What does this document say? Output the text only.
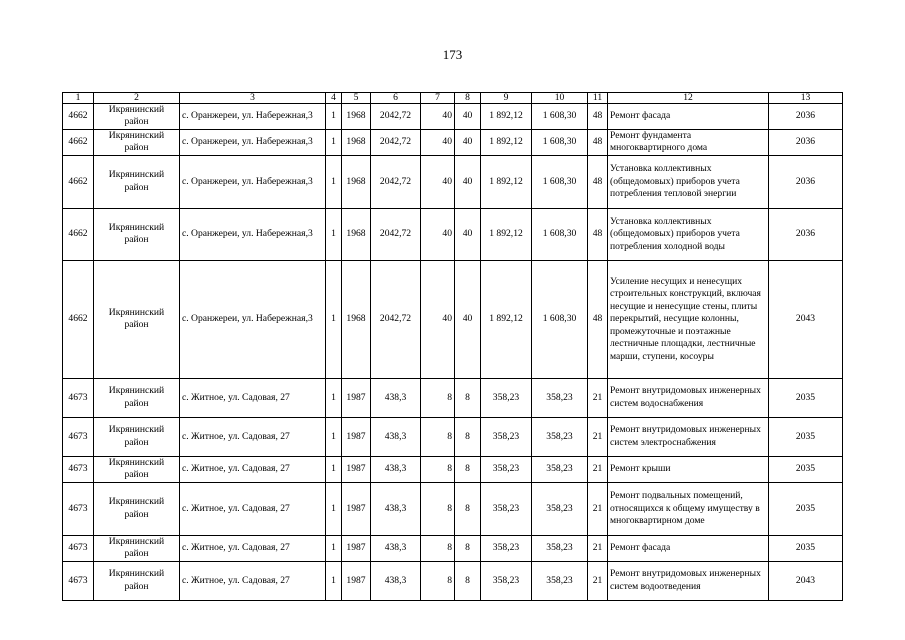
173
1	2	3	4	5	6	7	8	9	10	11	12	13
4662	Икрянинский район	с. Оранжереи, ул. Набережная,3	1	1968	2042,72	40	40	1 892,12	1 608,30	48	Ремонт фасада	2036
4662	Икрянинский район	с. Оранжереи, ул. Набережная,3	1	1968	2042,72	40	40	1 892,12	1 608,30	48	Ремонт фундамента многоквартирного дома	2036
4662	Икрянинский район	с. Оранжереи, ул. Набережная,3	1	1968	2042,72	40	40	1 892,12	1 608,30	48	Установка коллективных (общедомовых) приборов учета потребления тепловой энергии	2036
4662	Икрянинский район	с. Оранжереи, ул. Набережная,3	1	1968	2042,72	40	40	1 892,12	1 608,30	48	Установка коллективных (общедомовых) приборов учета потребления холодной воды	2036
4662	Икрянинский район	с. Оранжереи, ул. Набережная,3	1	1968	2042,72	40	40	1 892,12	1 608,30	48	Усиление несущих и ненесущих строительных конструкций, включая несущие и ненесущие стены, плиты перекрытий, несущие колонны, промежуточные и поэтажные лестничные площадки, лестничные марши, ступени, косоуры	2043
4673	Икрянинский район	с. Житное, ул. Садовая, 27	1	1987	438,3	8	8	358,23	358,23	21	Ремонт внутридомовых инженерных систем водоснабжения	2035
4673	Икрянинский район	с. Житное, ул. Садовая, 27	1	1987	438,3	8	8	358,23	358,23	21	Ремонт внутридомовых инженерных систем электроснабжения	2035
4673	Икрянинский район	с. Житное, ул. Садовая, 27	1	1987	438,3	8	8	358,23	358,23	21	Ремонт крыши	2035
4673	Икрянинский район	с. Житное, ул. Садовая, 27	1	1987	438,3	8	8	358,23	358,23	21	Ремонт подвальных помещений, относящихся к общему имуществу в многоквартирном доме	2035
4673	Икрянинский район	с. Житное, ул. Садовая, 27	1	1987	438,3	8	8	358,23	358,23	21	Ремонт фасада	2035
4673	Икрянинский район	с. Житное, ул. Садовая, 27	1	1987	438,3	8	8	358,23	358,23	21	Ремонт внутридомовых инженерных систем водоотведения	2043
